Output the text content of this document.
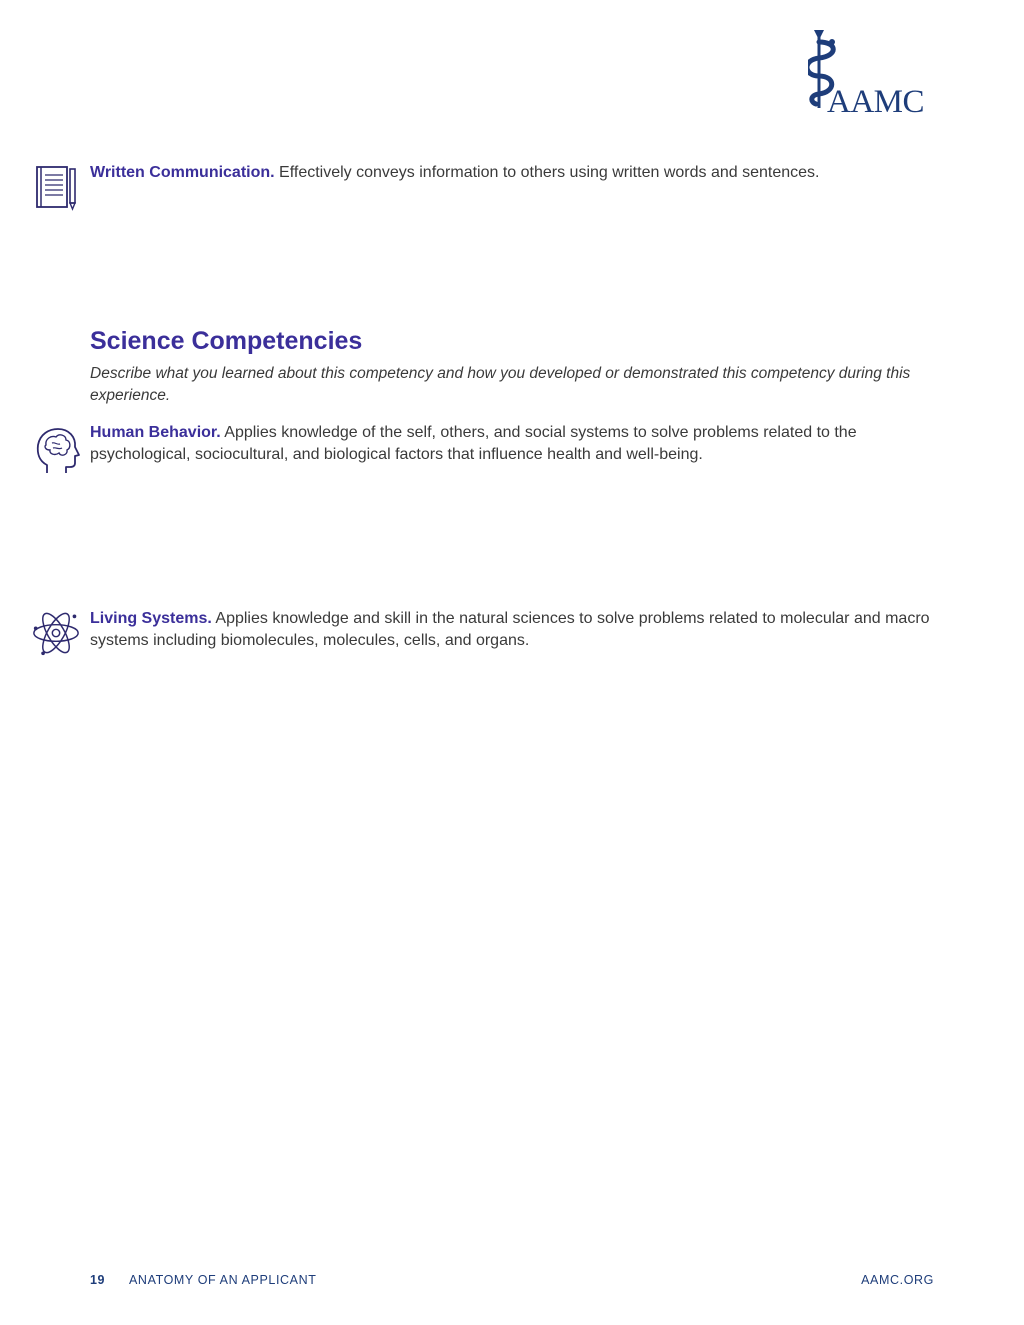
AAMC
Written Communication. Effectively conveys information to others using written words and sentences.
Science Competencies
Describe what you learned about this competency and how you developed or demonstrated this competency during this experience.
Human Behavior. Applies knowledge of the self, others, and social systems to solve problems related to the psychological, sociocultural, and biological factors that influence health and well-being.
Living Systems. Applies knowledge and skill in the natural sciences to solve problems related to molecular and macro systems including biomolecules, molecules, cells, and organs.
19 ANATOMY OF AN APPLICANT	AAMC.ORG
